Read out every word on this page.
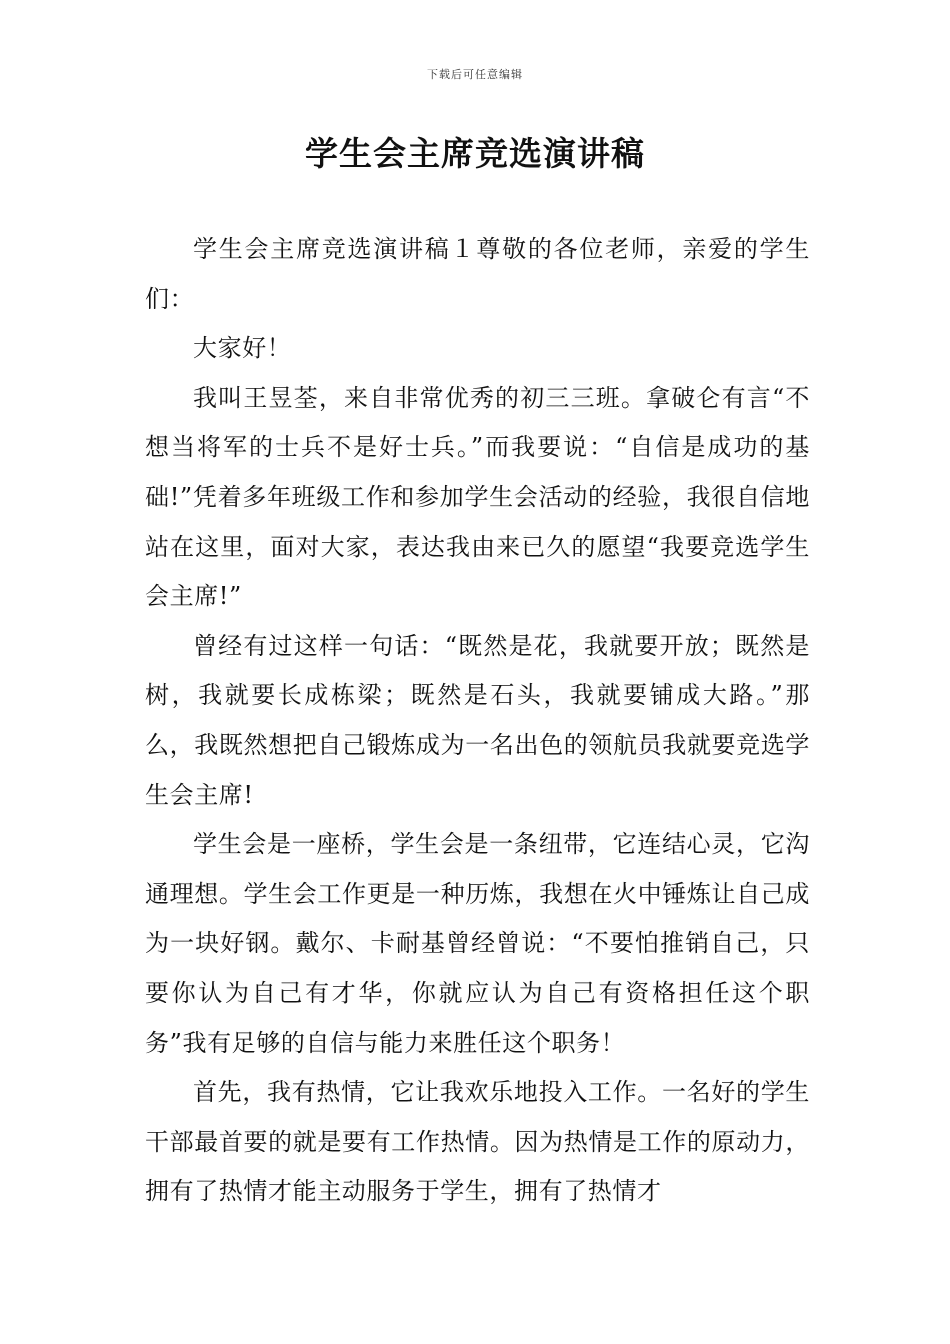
下载后可任意编辑
学生会主席竞选演讲稿

学生会主席竞选演讲稿１尊敬的各位老师，亲爱的学生们：

大家好！

我叫王昱荃，来自非常优秀的初三三班。拿破仑有言“不想当将军的士兵不是好士兵。”而我要说：“自信是成功的基础!”凭着多年班级工作和参加学生会活动的经验，我很自信地站在这里，面对大家，表达我由来已久的愿望“我要竞选学生会主席!”

曾经有过这样一句话：“既然是花，我就要开放；既然是树，我就要长成栋梁；既然是石头，我就要铺成大路。”那么，我既然想把自己锻炼成为一名出色的领航员我就要竞选学生会主席!

学生会是一座桥，学生会是一条纽带，它连结心灵，它沟通理想。学生会工作更是一种历炼，我想在火中锤炼让自己成为一块好钢。戴尔、卡耐基曾经曾说：“不要怕推销自己，只要你认为自己有才华，你就应认为自己有资格担任这个职务”我有足够的自信与能力来胜任这个职务！

首先，我有热情，它让我欢乐地投入工作。一名好的学生干部最首要的就是要有工作热情。因为热情是工作的原动力，拥有了热情才能主动服务于学生，拥有了热情才
